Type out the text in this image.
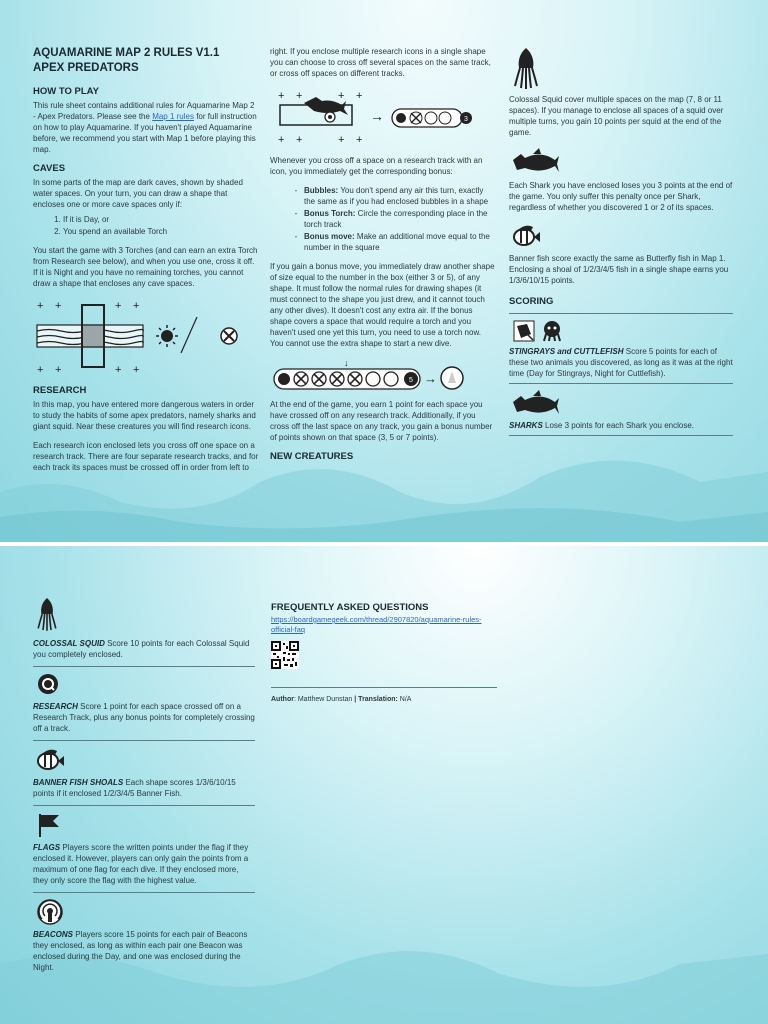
AQUAMARINE MAP 2 RULES V1.1
APEX PREDATORS
HOW TO PLAY

This rule sheet contains additional rules for Aquamarine Map 2 - Apex Predators. Please see the Map 1 rules for full instruction on how to play Aquamarine. If you haven't played Aquamarine before, we recommend you start with Map 1 before playing this map.

CAVES

In some parts of the map are dark caves, shown by shaded water spaces. On your turn, you can draw a shape that encloses one or more cave spaces only if:

1. If it is Day, or
2. You spend an available Torch

You start the game with 3 Torches (and can earn an extra Torch from Research see below), and when you use one, cross it off. If it is Night and you have no remaining torches, you cannot draw a shape that encloses any cave spaces.

+ +	+ +
+ +	+ +
RESEARCH

In this map, you have entered more dangerous waters in order to study the habits of some apex predators, namely sharks and giant squid. Near these creatures you will find research icons.

Each research icon enclosed lets you cross off one space on a research track. There are four separate research tracks, and for each track its spaces must be crossed off in order from left to

right. If you enclose multiple research icons in a single shape you can choose to cross off several spaces on the same track, or cross off spaces on different tracks.

+ +	+ +
+ +	+ +
→	3

Whenever you cross off a space on a research track with an icon, you immediately get the corresponding bonus:

- Bubbles: You don't spend any air this turn, exactly the same as if you had enclosed bubbles in a shape
- Bonus Torch: Circle the corresponding place in the torch track
- Bonus move: Make an additional move equal to the number in the square

If you gain a bonus move, you immediately draw another shape of size equal to the number in the box (either 3 or 5), of any shape. It must follow the normal rules for drawing shapes (it must connect to the shape you just drew, and it cannot touch any other dives). It doesn't cost any extra air. If the bonus shape covers a space that would require a torch and you haven't used one yet this turn, you need to use a torch now. You cannot use the extra shape to start a new dive.

↓
5 →

At the end of the game, you earn 1 point for each space you have crossed off on any research track. Additionally, if you cross off the last space on any track, you gain a bonus number of points shown on that space (3, 5 or 7 points).

NEW CREATURES

Colossal Squid cover multiple spaces on the map (7, 8 or 11 spaces). If you manage to enclose all spaces of a squid over multiple turns, you gain 10 points per squid at the end of the game.

Each Shark you have enclosed loses you 3 points at the end of the game. You only suffer this penalty once per Shark, regardless of whether you discovered 1 or 2 of its spaces.

Banner fish score exactly the same as Butterfly fish in Map 1. Enclosing a shoal of 1/2/3/4/5 fish in a single shape earns you 1/3/6/10/15 points.

SCORING

STINGRAYS and CUTTLEFISH Score 5 points for each of these two animals you discovered, as long as it was at the right time (Day for Stingrays, Night for Cuttlefish).

SHARKS Lose 3 points for each Shark you enclose.

COLOSSAL SQUID Score 10 points for each Colossal Squid you completely enclosed.

RESEARCH Score 1 point for each space crossed off on a Research Track, plus any bonus points for completely crossing off a track.

BANNER FISH SHOALS Each shape scores 1/3/6/10/15 points if it enclosed 1/2/3/4/5 Banner Fish.

FLAGS Players score the written points under the flag if they enclosed it. However, players can only gain the points from a maximum of one flag for each dive. If they enclosed more, they only score the flag with the highest value.

BEACONS Players score 15 points for each pair of Beacons they enclosed, as long as within each pair one Beacon was enclosed during the Day, and one was enclosed during the Night.

FREQUENTLY ASKED QUESTIONS
https://boardgamegeek.com/thread/2907820/aquamarine-rules-official-faq
Author: Matthew Dunstan | Translation: N/A
